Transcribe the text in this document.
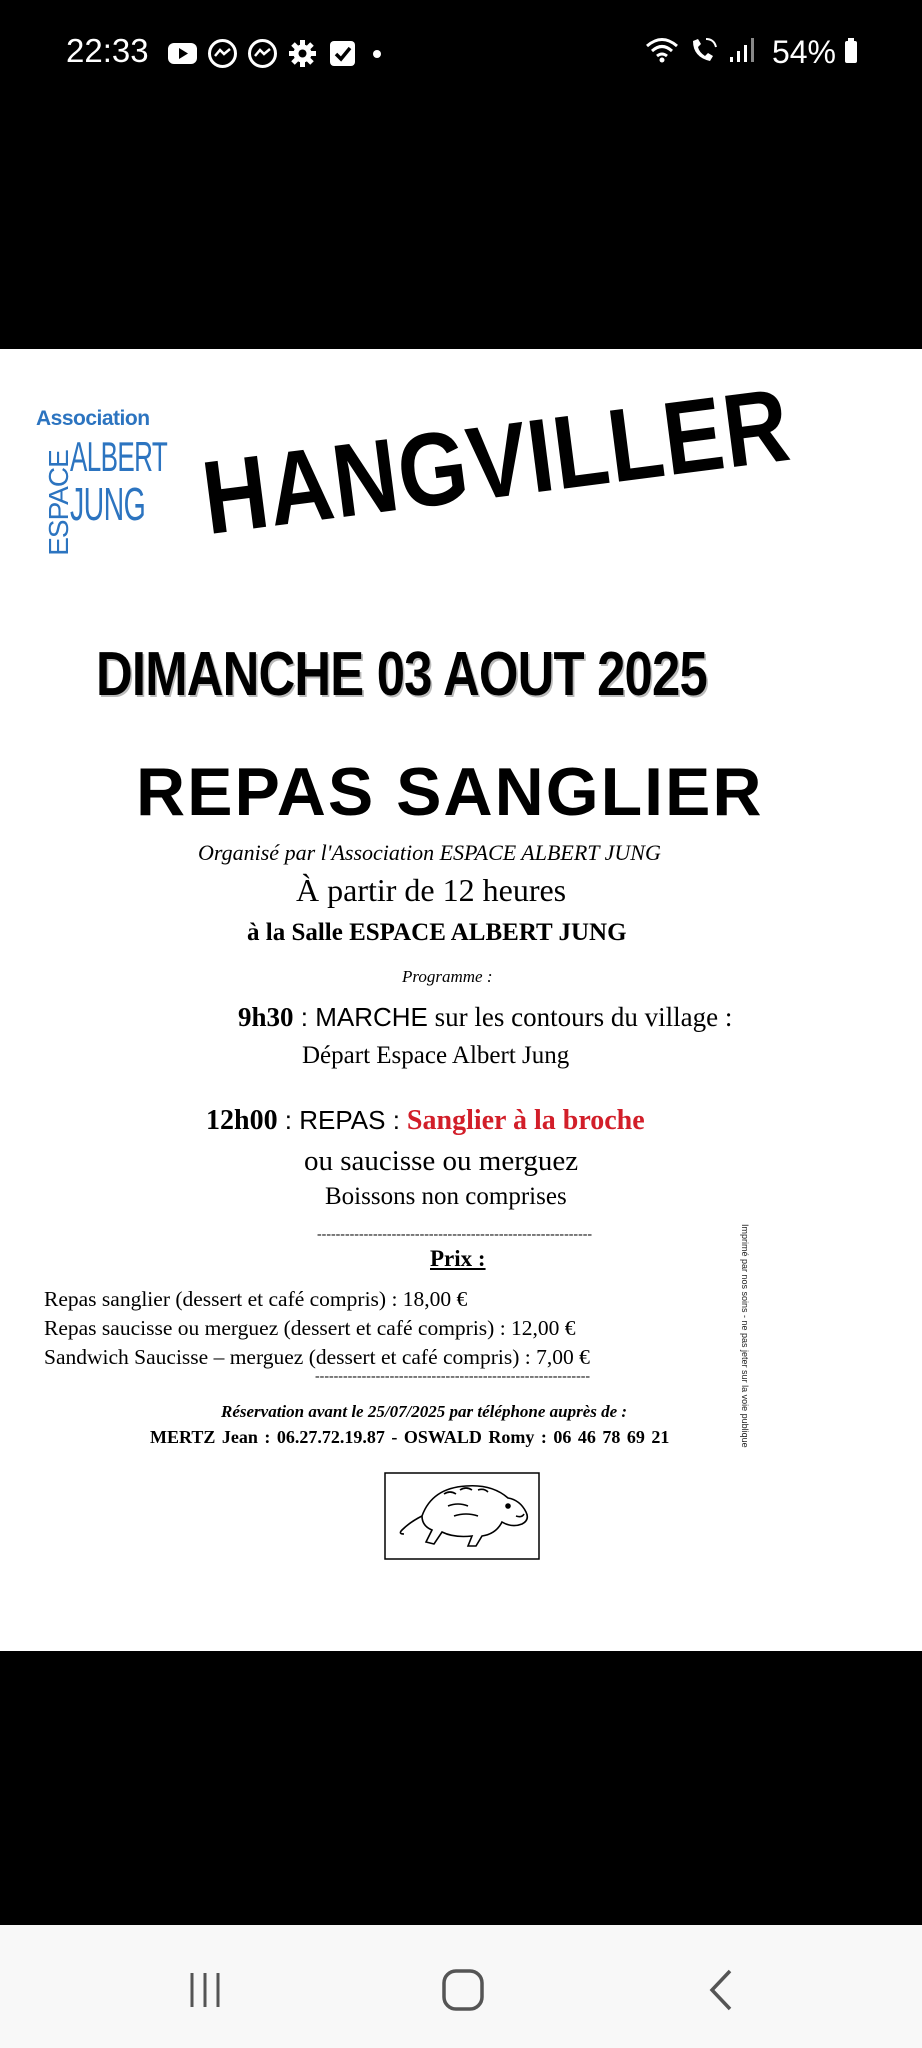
22:33	54%
Association
ESPACE
ALBERT
JUNG HANGVILLER
DIMANCHE 03 AOUT 2025
REPAS SANGLIER
Organisé par l'Association ESPACE ALBERT JUNG
À partir de 12 heures
à la Salle ESPACE ALBERT JUNG
Programme :
9h30 : MARCHE sur les contours du village :
Départ Espace Albert Jung
12h00 : REPAS : Sanglier à la broche
ou saucisse ou merguez
Boissons non comprises
-----------------------------------------------------------
Prix :
Repas sanglier (dessert et café compris) : 18,00 €
Repas saucisse ou merguez (dessert et café compris) : 12,00 €
Sandwich Saucisse – merguez (dessert et café compris) : 7,00 €
-----------------------------------------------------------
Réservation avant le 25/07/2025 par téléphone auprès de :
MERTZ Jean : 06.27.72.19.87 - OSWALD Romy : 06 46 78 69 21	Imprimé par nos soins - ne pas jeter sur la voie publique
